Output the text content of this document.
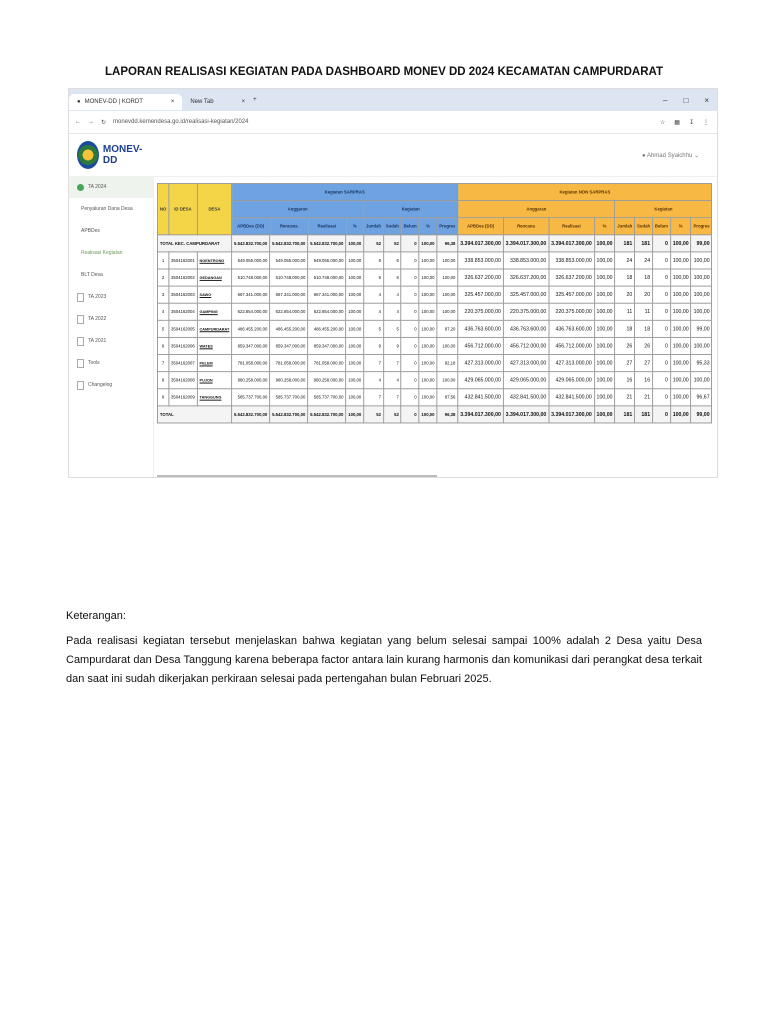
LAPORAN REALISASI KEGIATAN PADA DASHBOARD MONEV DD 2024 KECAMATAN CAMPURDARAT
● MONEV-DD | KORDT	×	New Tab	× +	– □ ×
← → ↻ monevdd.kemendesa.go.id/realisasi-kegiatan/2024	☆ ▦ ↧ ⋮
MONEV-DD
TA 2024
Penyaluran Dana Desa
APBDes
Realisasi Kegiatan
BLT Desa
TA 2023
TA 2022
TA 2021
Tools
Changelog
● Ahmad Syaichhu ⌄
NO	ID DESA	DESA	Kegiatan SARPRAS									Kegiatan NON SARPRAS								
			Anggaran				Kegiatan					Anggaran				Kegiatan				
			APBDes (DD)	Rencana	Realisasi	%	Jumlah	Sudah	Belum	%	Progres	APBDes (DD)	Rencana	Realisasi	%	Jumlah	Sudah	Belum	%	Progres
TOTAL KEC. CAMPURDARAT			5.542.832.700,00	5.542.832.700,00	5.542.832.700,00	100,00	52	52	0	100,00	96,38	3.394.017.300,00	3.394.017.300,00	3.394.017.300,00	100,00	181	181	0	100,00	99,00
1	3504162001	NGENTRONG	549.055.000,00	549.055.000,00	549.055.000,00	100,00	6	6	0	100,00	100,00	338.853.000,00	338.853.000,00	338.853.000,00	100,00	24	24	0	100,00	100,00
2	3504162002	GEDANGAN	510.748.000,00	510.748.000,00	510.748.000,00	100,00	6	6	0	100,00	100,00	326.637.200,00	326.637.200,00	326.637.200,00	100,00	18	18	0	100,00	100,00
3	3504162003	SAWO	667.341.000,00	667.341.000,00	667.341.000,00	100,00	4	4	0	100,00	100,00	325.457.000,00	325.457.000,00	325.457.000,00	100,00	20	20	0	100,00	100,00
4	3504162004	GAMPING	622.854.000,00	622.854.000,00	622.854.000,00	100,00	4	4	0	100,00	100,00	220.375.000,00	220.375.000,00	220.375.000,00	100,00	11	11	0	100,00	100,00
5	3504162005	CAMPURDARAT	486.455.200,00	486.455.200,00	486.455.200,00	100,00	5	5	0	100,00	87,20	436.763.600,00	436.763.600,00	436.763.600,00	100,00	18	18	0	100,00	99,00
6	3504162006	WATES	859.347.000,00	859.347.000,00	859.347.000,00	100,00	9	9	0	100,00	100,00	456.712.000,00	456.712.000,00	456.712.000,00	100,00	26	26	0	100,00	100,00
7	3504162007	PELEM	781.058.000,00	781.058.000,00	781.058.000,00	100,00	7	7	0	100,00	92,18	427.313.000,00	427.313.000,00	427.313.000,00	100,00	27	27	0	100,00	95,33
8	3504162008	PUJON	980.258.000,00	980.258.000,00	980.258.000,00	100,00	4	4	0	100,00	100,00	429.065.000,00	429.065.000,00	429.065.000,00	100,00	16	16	0	100,00	100,00
9	3504162009	TANGGUNG	585.737.700,00	585.737.700,00	585.737.700,00	100,00	7	7	0	100,00	87,56	432.841.500,00	432.841.500,00	432.841.500,00	100,00	21	21	0	100,00	96,67
TOTAL			5.542.832.700,00	5.542.832.700,00	5.542.832.700,00	100,00	52	52	0	100,00	96,38	3.394.017.300,00	3.394.017.300,00	3.394.017.300,00	100,00	181	181	0	100,00	99,00
Keterangan:
Pada realisasi kegiatan tersebut menjelaskan bahwa kegiatan yang belum selesai sampai 100% adalah 2 Desa yaitu Desa Campurdarat dan Desa Tanggung karena beberapa factor antara lain kurang harmonis dan komunikasi dari perangkat desa terkait dan saat ini sudah dikerjakan perkiraan selesai pada pertengahan bulan Februari 2025.
